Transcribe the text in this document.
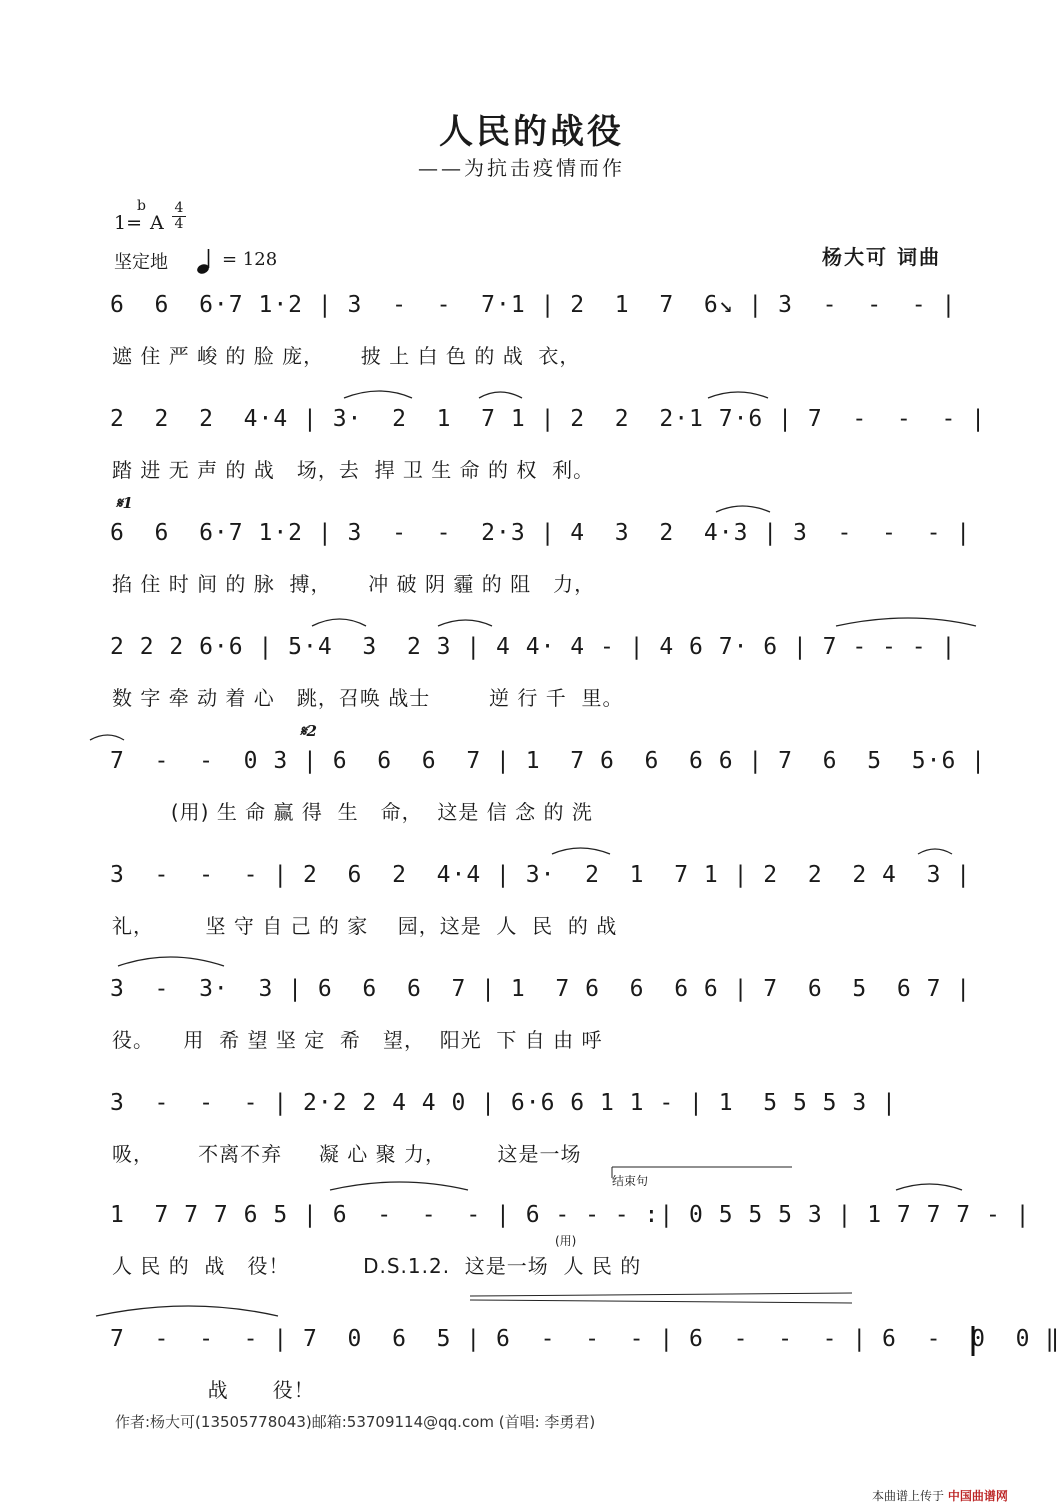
人民的战役
——为抗击疫情而作
1= A
b 4
4
坚定地	= 128	杨大可 词曲
6  6  6·7 1·2 | 3  -  -  7·1 | 2  1  7  6↘ | 3  -  -  - |
遮 住 严 峻 的 脸 庞，     披 上 白 色 的 战  衣，
2  2  2  4·4 | 3·  2  1  7 1 | 2  2  2·1 7·6 | 7  -  -  - |
踏 进 无 声 的 战   场，去  捍 卫 生 命 的 权  利。
𝄋1
6  6  6·7 1·2 | 3  -  -  2·3 | 4  3  2  4·3 | 3  -  -  - |
掐 住 时 间 的 脉  搏，     冲 破 阴 霾 的 阻   力，
2 2 2 6·6 | 5·4  3  2 3 | 4 4· 4 - | 4 6 7· 6 | 7 - - - |
数 字 牵 动 着 心   跳，召唤 战士        逆 行 千  里。
𝄋2
7  -  -  0 3 | 6  6  6  7 | 1  7 6  6  6 6 | 7  6  5  5·6 |
(用) 生 命 赢 得  生   命，  这是 信 念 的 洗
3  -  -  - | 2  6  2  4·4 | 3·  2  1  7 1 | 2  2  2 4  3 |
礼，       坚 守 自 己 的 家    园，这是  人  民  的 战
3  -  3·  3 | 6  6  6  7 | 1  7 6  6  6 6 | 7  6  5  6 7 |
役。    用  希 望 坚 定  希   望，  阳光  下 自 由 呼
3  -  -  - | 2·2 2 4 4 0 | 6·6 6 1 1 - | 1  5 5 5 3 |
吸，      不离不弃     凝 心 聚 力，       这是一场
结束句
(用)
1  7 7 7 6 5 | 6  -  -  - | 6 - - - :| 0 5 5 5 3 | 1 7 7 7 - |
人 民 的  战   役！          D.S.1.2.  这是一场  人 民 的
7  -  -  - | 7  0  6  5 | 6  -  -  - | 6  -  -  - | 6  -  0  0 ‖
战      役！
作者:杨大可(13505778043)邮箱:53709114@qq.com (首唱: 李勇君)
本曲谱上传于 中国曲谱网
